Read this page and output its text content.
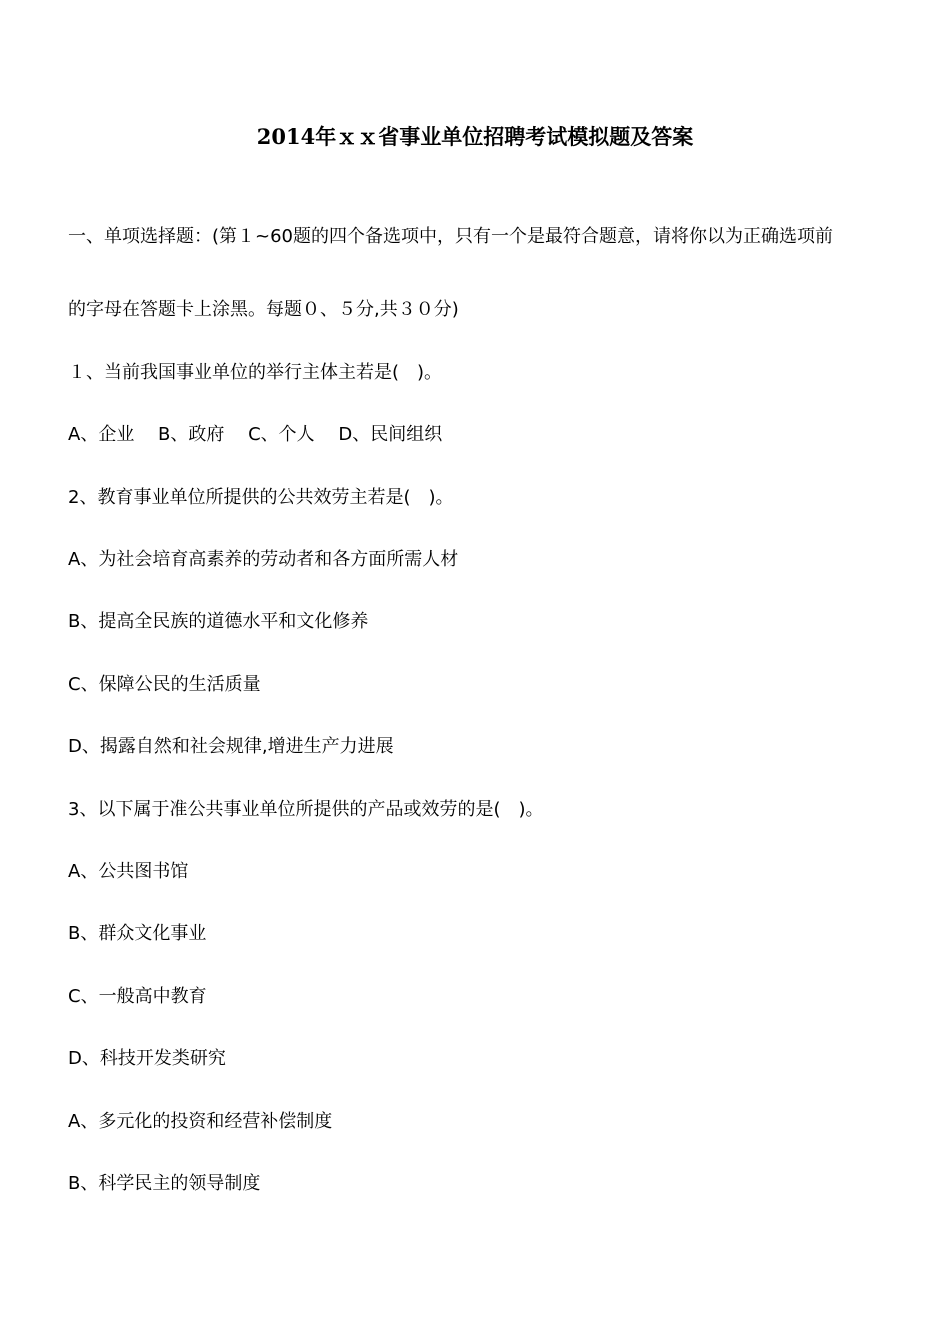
2014年ｘｘ省事业单位招聘考试模拟题及答案
一、单项选择题：(第１~60题的四个备选项中，只有一个是最符合题意，请将你以为正确选项前
的字母在答题卡上涂黑。每题０、５分,共３０分)
１、当前我国事业单位的举行主体主若是(　)。
A、企业　 B、政府　 C、个人　 D、民间组织
2、教育事业单位所提供的公共效劳主若是(　)。
A、为社会培育高素养的劳动者和各方面所需人材
B、提高全民族的道德水平和文化修养
C、保障公民的生活质量
D、揭露自然和社会规律,增进生产力进展
3、以下属于准公共事业单位所提供的产品或效劳的是(　)。
A、公共图书馆
B、群众文化事业
C、一般高中教育
D、科技开发类研究
A、多元化的投资和经营补偿制度
B、科学民主的领导制度
